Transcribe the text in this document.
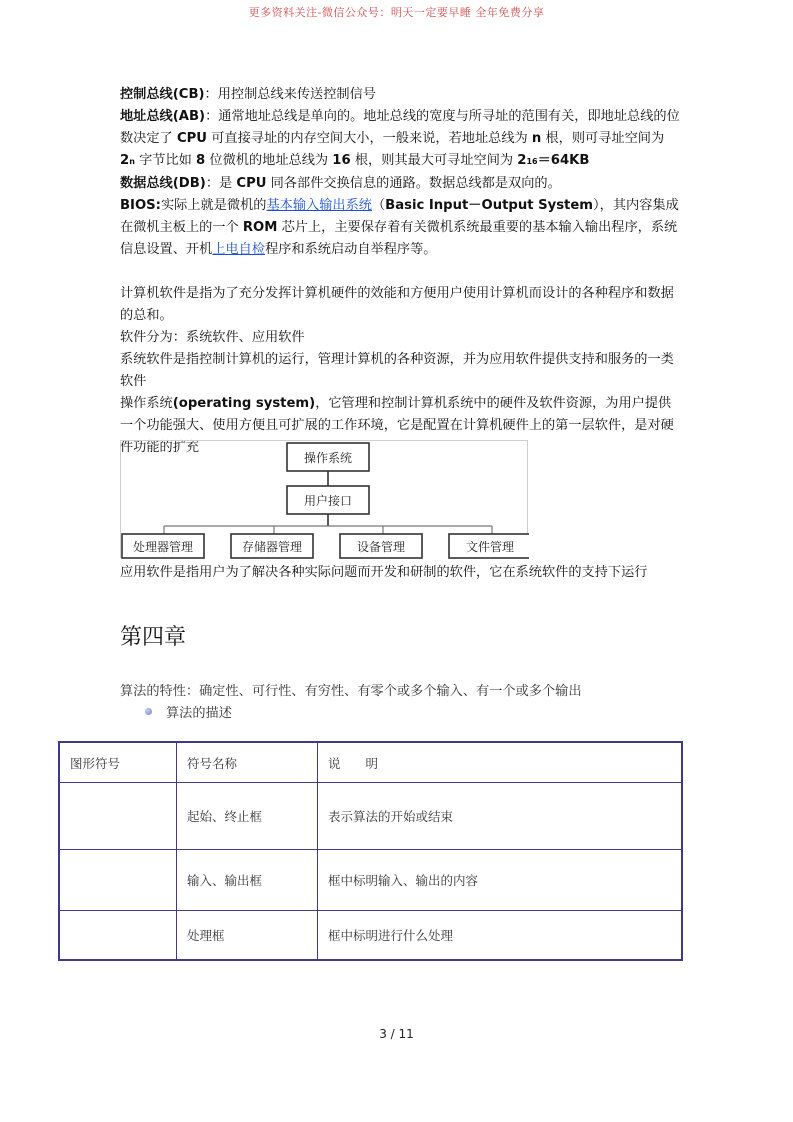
更多资料关注-微信公众号：明天一定要早睡 全年免费分享

控制总线(CB)：用控制总线来传送控制信号

地址总线(AB)：通常地址总线是单向的。地址总线的宽度与所寻址的范围有关，即地址总线的位数决定了 CPU 可直接寻址的内存空间大小，一般来说，若地址总线为 n 根，则可寻址空间为 2n 字节比如 8 位微机的地址总线为 16 根，则其最大可寻址空间为 216＝64KB

数据总线(DB)：是 CPU 同各部件交换信息的通路。数据总线都是双向的。

BIOS:实际上就是微机的基本输入输出系统（Basic Input－Output System），其内容集成在微机主板上的一个 ROM 芯片上，主要保存着有关微机系统最重要的基本输入输出程序，系统信息设置、开机上电自检程序和系统启动自举程序等。

计算机软件是指为了充分发挥计算机硬件的效能和方便用户使用计算机而设计的各种程序和数据的总和。

软件分为：系统软件、应用软件

系统软件是指控制计算机的运行，管理计算机的各种资源，并为应用软件提供支持和服务的一类软件

操作系统(operating system)，它管理和控制计算机系统中的硬件及软件资源，为用户提供一个功能强大、使用方便且可扩展的工作环境，它是配置在计算机硬件上的第一层软件，是对硬件功能的扩充

操作系统
用户接口
处理器管理	存储器管理	设备管理	文件管理
应用软件是指用户为了解决各种实际问题而开发和研制的软件，它在系统软件的支持下运行
第四章
算法的特性：确定性、可行性、有穷性、有零个或多个输入、有一个或多个输出
算法的描述
图形符号	符号名称	说　　明
	起始、终止框	表示算法的开始或结束
	输入、输出框	框中标明输入、输出的内容
	处理框	框中标明进行什么处理
3 / 11
